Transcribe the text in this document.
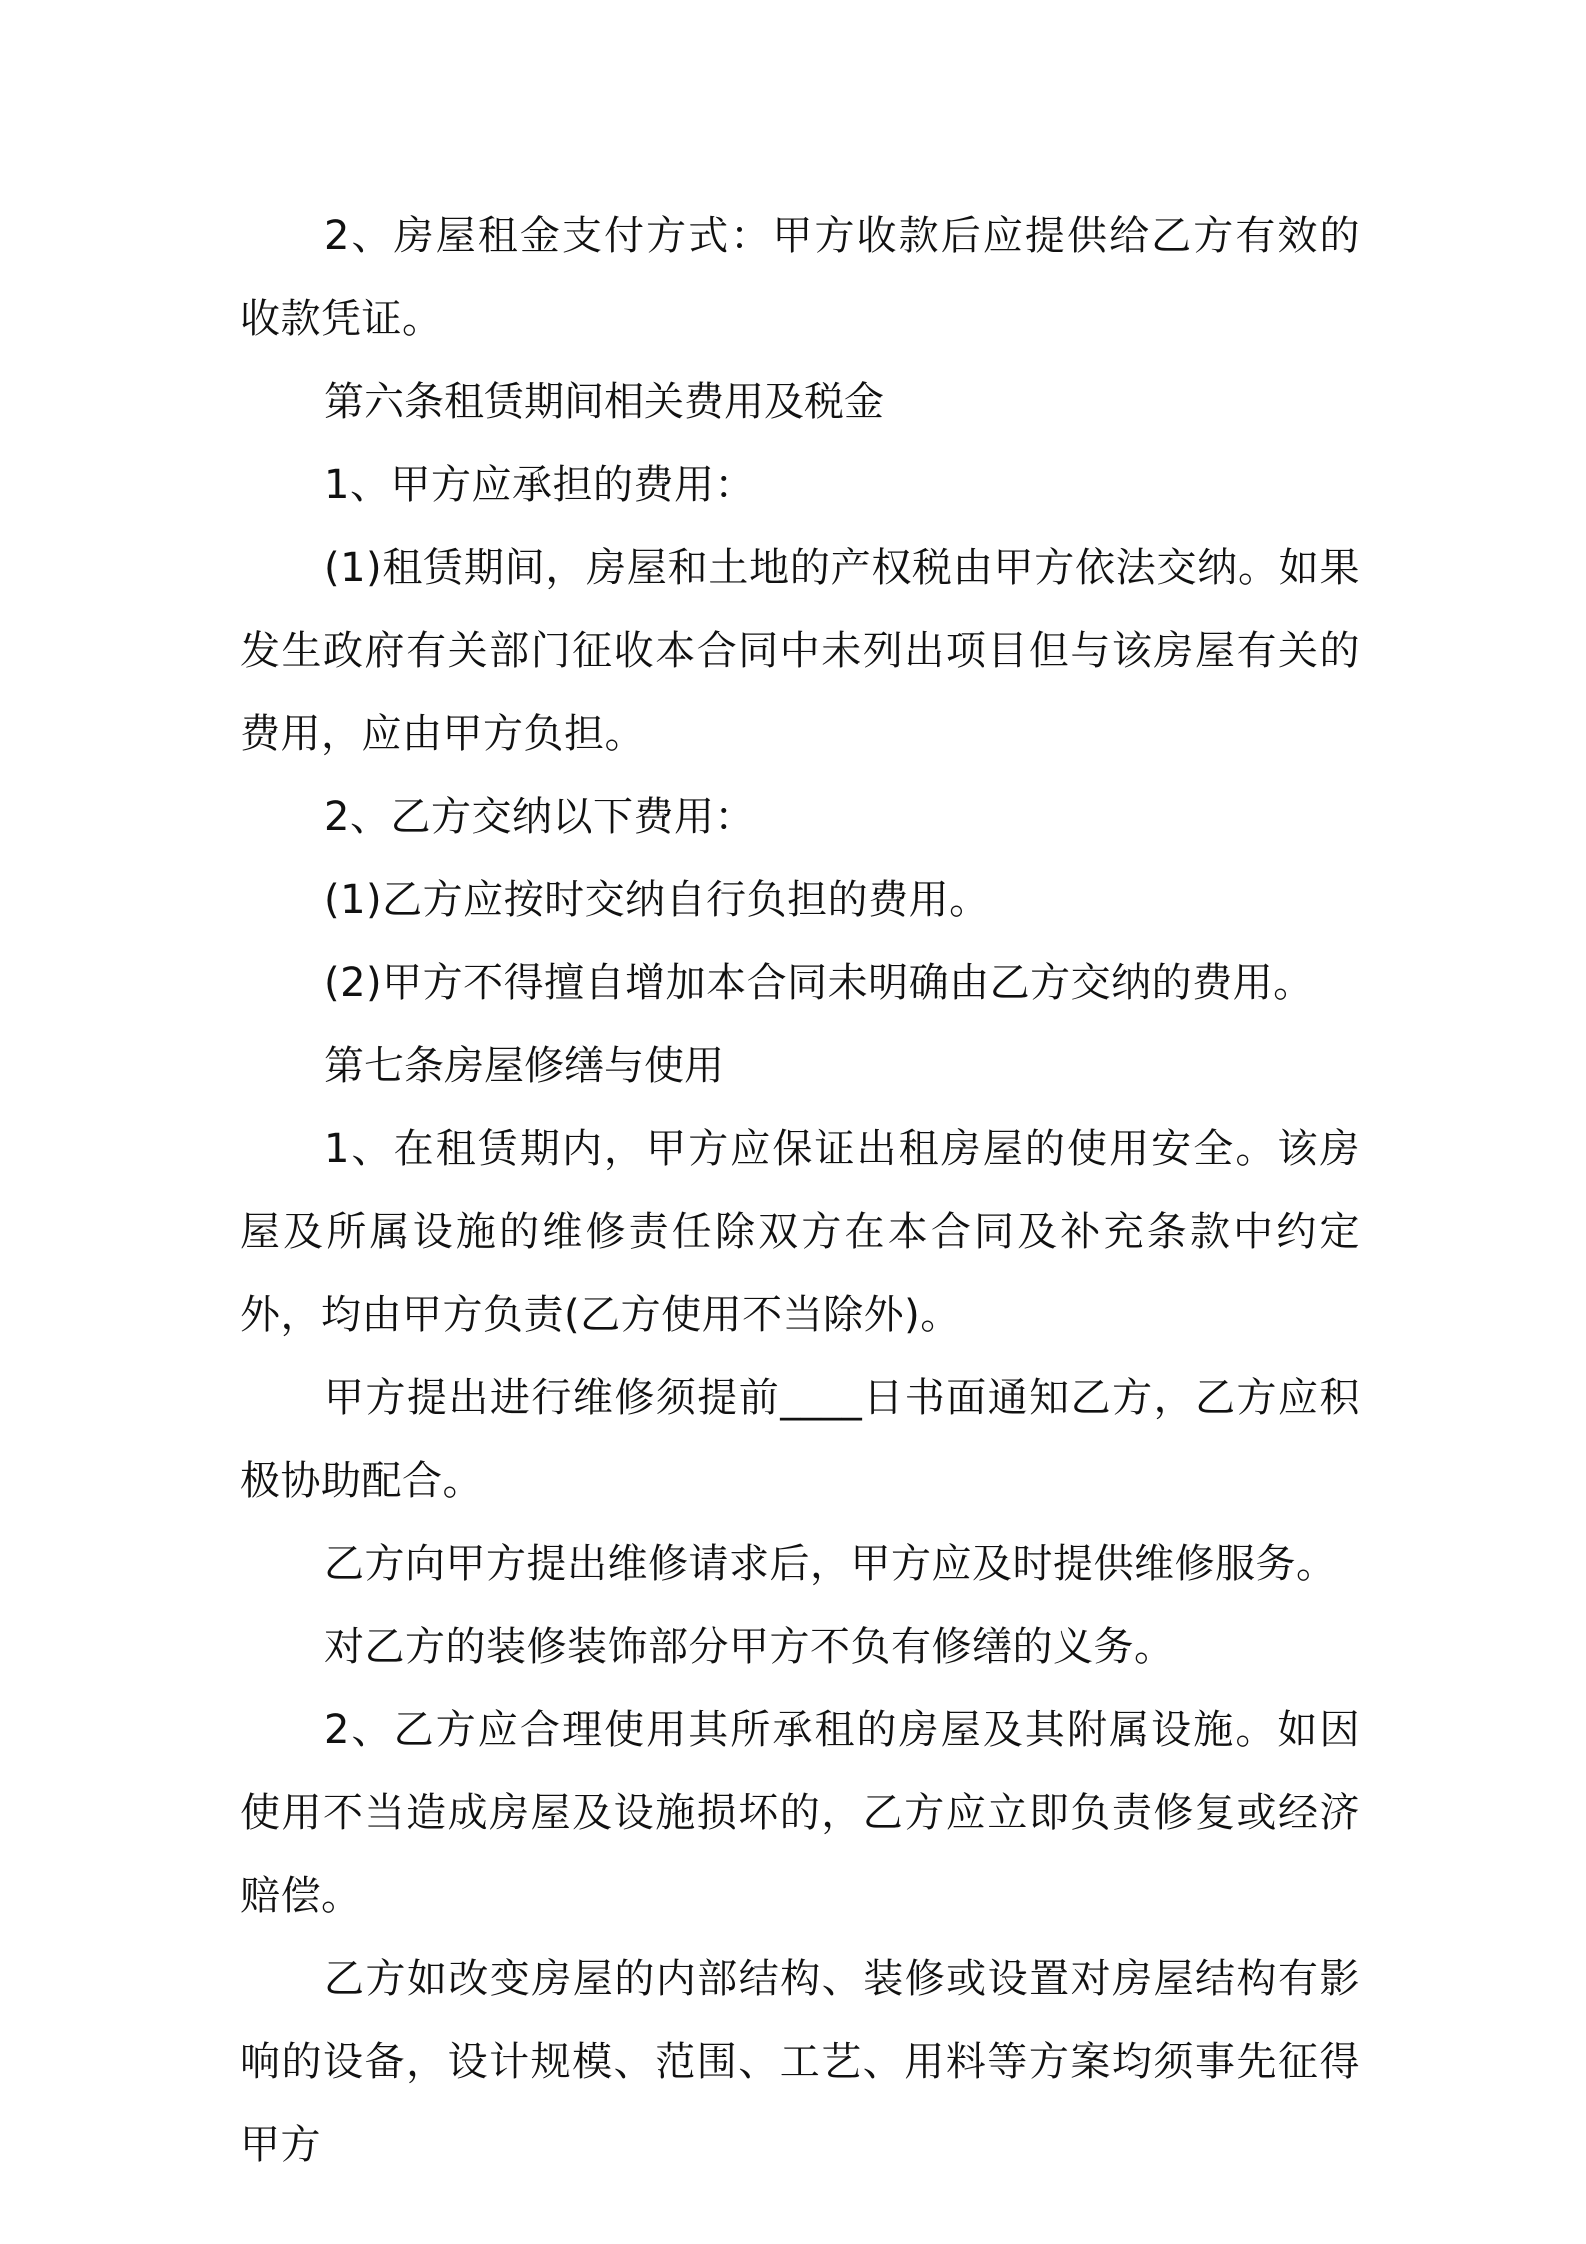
2、房屋租金支付方式：甲方收款后应提供给乙方有效的收款凭证。

第六条租赁期间相关费用及税金

1、甲方应承担的费用：

(1)租赁期间，房屋和土地的产权税由甲方依法交纳。如果发生政府有关部门征收本合同中未列出项目但与该房屋有关的费用，应由甲方负担。

2、乙方交纳以下费用：

(1)乙方应按时交纳自行负担的费用。

(2)甲方不得擅自增加本合同未明确由乙方交纳的费用。

第七条房屋修缮与使用

1、在租赁期内，甲方应保证出租房屋的使用安全。该房屋及所属设施的维修责任除双方在本合同及补充条款中约定外，均由甲方负责(乙方使用不当除外)。

甲方提出进行维修须提前____日书面通知乙方，乙方应积极协助配合。

乙方向甲方提出维修请求后，甲方应及时提供维修服务。

对乙方的装修装饰部分甲方不负有修缮的义务。

2、乙方应合理使用其所承租的房屋及其附属设施。如因使用不当造成房屋及设施损坏的，乙方应立即负责修复或经济赔偿。

乙方如改变房屋的内部结构、装修或设置对房屋结构有影响的设备，设计规模、范围、工艺、用料等方案均须事先征得甲方
